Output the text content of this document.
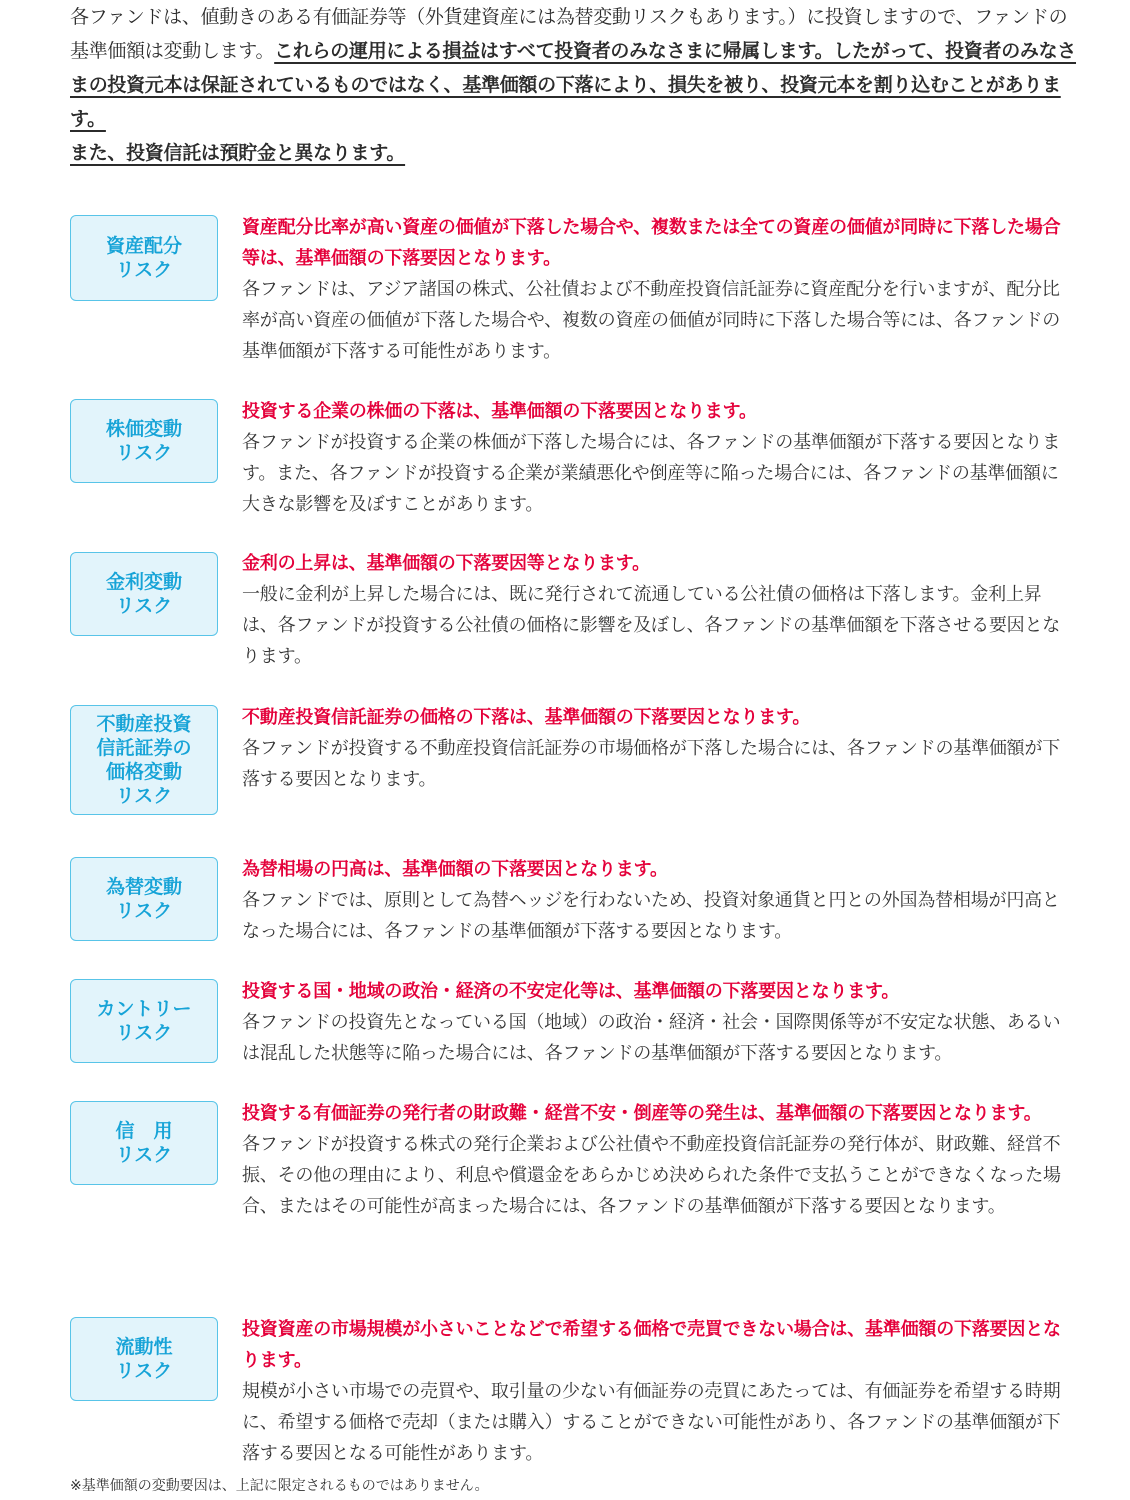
各ファンドは、値動きのある有価証券等（外貨建資産には為替変動リスクもあります。）に投資しますので、ファンドの基準価額は変動します。これらの運用による損益はすべて投資者のみなさまに帰属します。したがって、投資者のみなさまの投資元本は保証されているものではなく、基準価額の下落により、損失を被り、投資元本を割り込むことがあります。

また、投資信託は預貯金と異なります。
資産配分
リスク
資産配分比率が高い資産の価値が下落した場合や、複数または全ての資産の価値が同時に下落した場合等は、基準価額の下落要因となります。
各ファンドは、アジア諸国の株式、公社債および不動産投資信託証券に資産配分を行いますが、配分比率が高い資産の価値が下落した場合や、複数の資産の価値が同時に下落した場合等には、各ファンドの基準価額が下落する可能性があります。
株価変動
リスク
投資する企業の株価の下落は、基準価額の下落要因となります。
各ファンドが投資する企業の株価が下落した場合には、各ファンドの基準価額が下落する要因となります。また、各ファンドが投資する企業が業績悪化や倒産等に陥った場合には、各ファンドの基準価額に大きな影響を及ぼすことがあります。
金利変動
リスク
金利の上昇は、基準価額の下落要因等となります。
一般に金利が上昇した場合には、既に発行されて流通している公社債の価格は下落します。金利上昇は、各ファンドが投資する公社債の価格に影響を及ぼし、各ファンドの基準価額を下落させる要因となります。
不動産投資
信託証券の
価格変動
リスク
不動産投資信託証券の価格の下落は、基準価額の下落要因となります。
各ファンドが投資する不動産投資信託証券の市場価格が下落した場合には、各ファンドの基準価額が下落する要因となります。
為替変動
リスク
為替相場の円高は、基準価額の下落要因となります。
各ファンドでは、原則として為替ヘッジを行わないため、投資対象通貨と円との外国為替相場が円高となった場合には、各ファンドの基準価額が下落する要因となります。
カントリー
リスク
投資する国・地域の政治・経済の不安定化等は、基準価額の下落要因となります。
各ファンドの投資先となっている国（地域）の政治・経済・社会・国際関係等が不安定な状態、あるいは混乱した状態等に陥った場合には、各ファンドの基準価額が下落する要因となります。
信　用
リスク
投資する有価証券の発行者の財政難・経営不安・倒産等の発生は、基準価額の下落要因となります。
各ファンドが投資する株式の発行企業および公社債や不動産投資信託証券の発行体が、財政難、経営不振、その他の理由により、利息や償還金をあらかじめ決められた条件で支払うことができなくなった場合、またはその可能性が高まった場合には、各ファンドの基準価額が下落する要因となります。
流動性
リスク
投資資産の市場規模が小さいことなどで希望する価格で売買できない場合は、基準価額の下落要因となります。
規模が小さい市場での売買や、取引量の少ない有価証券の売買にあたっては、有価証券を希望する時期に、希望する価格で売却（または購入）することができない可能性があり、各ファンドの基準価額が下落する要因となる可能性があります。
※基準価額の変動要因は、上記に限定されるものではありません。
